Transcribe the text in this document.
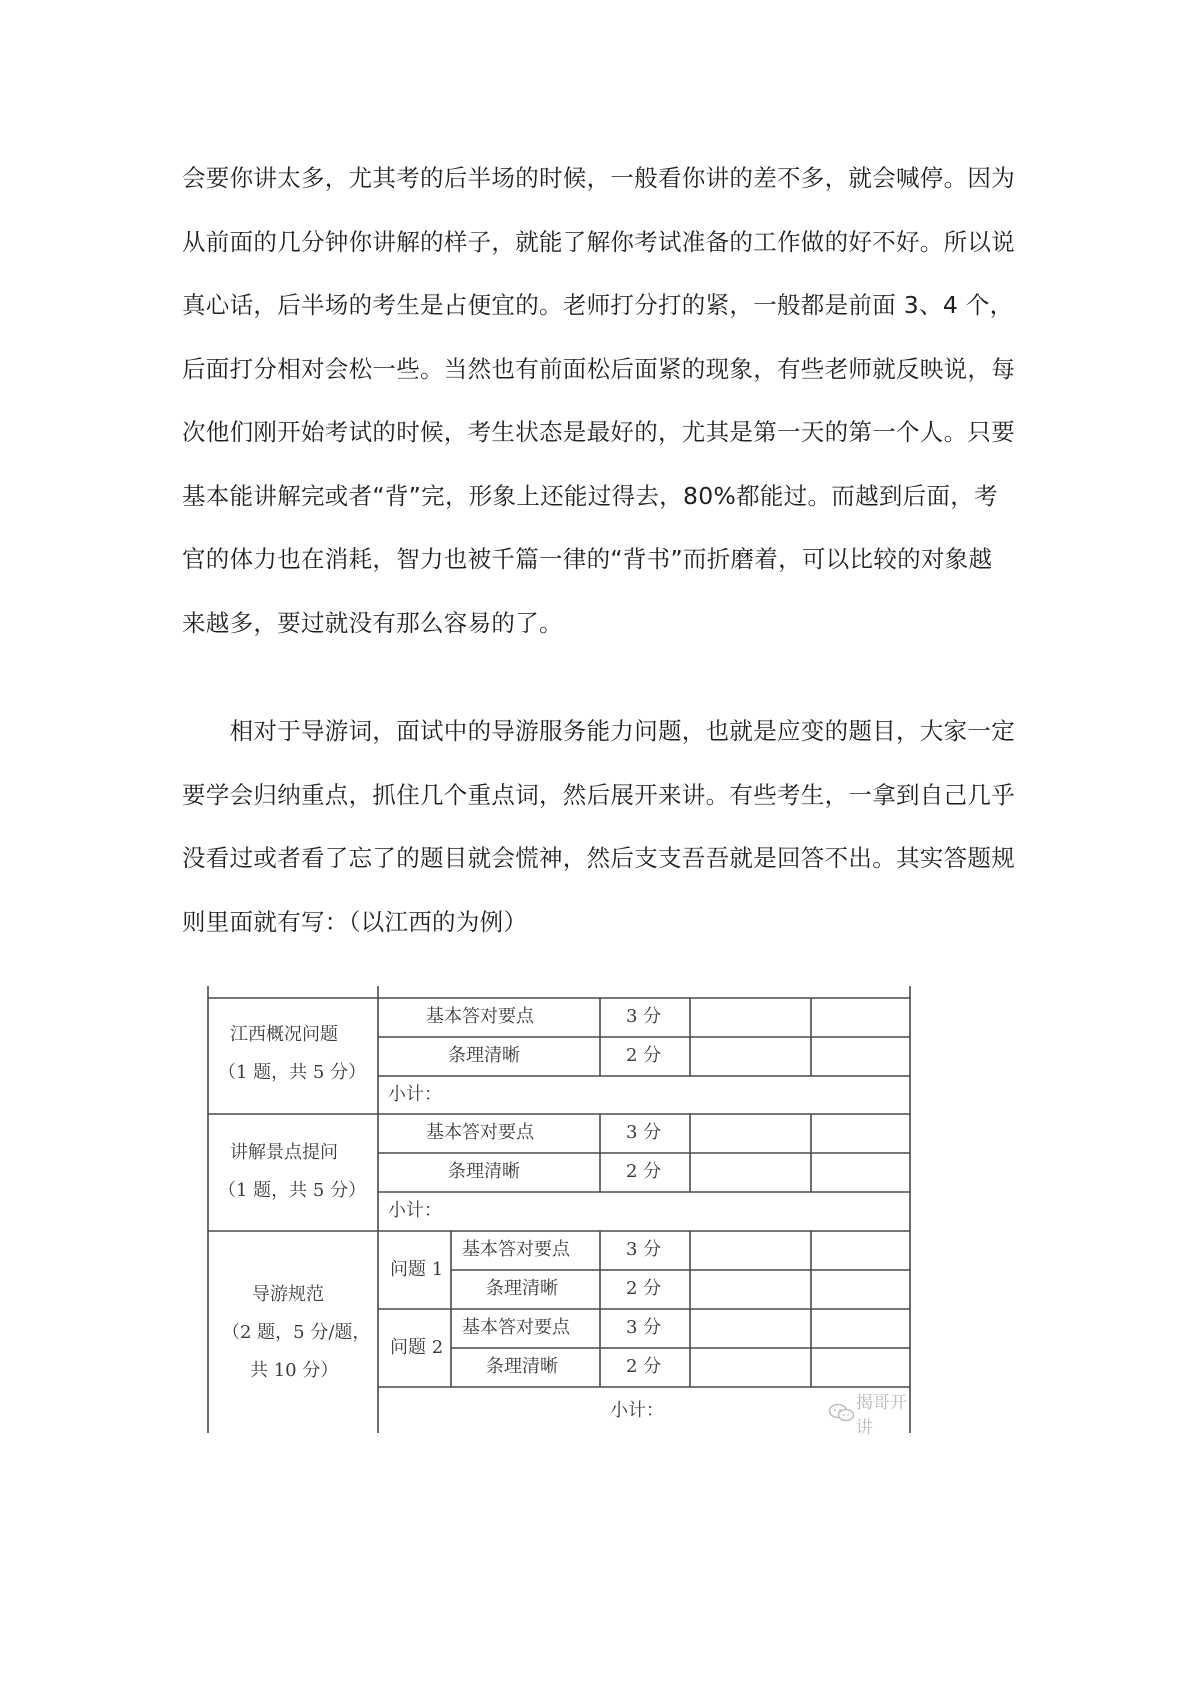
会要你讲太多，尤其考的后半场的时候，一般看你讲的差不多，就会喊停。因为
从前面的几分钟你讲解的样子，就能了解你考试准备的工作做的好不好。所以说
真心话，后半场的考生是占便宜的。老师打分打的紧，一般都是前面 3、4 个，
后面打分相对会松一些。当然也有前面松后面紧的现象，有些老师就反映说，每
次他们刚开始考试的时候，考生状态是最好的，尤其是第一天的第一个人。只要
基本能讲解完或者“背”完，形象上还能过得去，80%都能过。而越到后面，考
官的体力也在消耗，智力也被千篇一律的“背书”而折磨着，可以比较的对象越
来越多，要过就没有那么容易的了。
　　相对于导游词，面试中的导游服务能力问题，也就是应变的题目，大家一定
要学会归纳重点，抓住几个重点词，然后展开来讲。有些考生，一拿到自己几乎
没看过或者看了忘了的题目就会慌神，然后支支吾吾就是回答不出。其实答题规
则里面就有写：（以江西的为例）
江西概况问题
（1 题，共 5 分）
基本答对要点	3 分
条理清晰	2 分
小计：
讲解景点提问
（1 题，共 5 分）
基本答对要点	3 分
条理清晰	2 分
小计：
导游规范
（2 题，5 分/题，
共 10 分）
问题 1
基本答对要点	3 分
条理清晰	2 分
问题 2
基本答对要点	3 分
条理清晰	2 分
小计：	揭哥开讲
